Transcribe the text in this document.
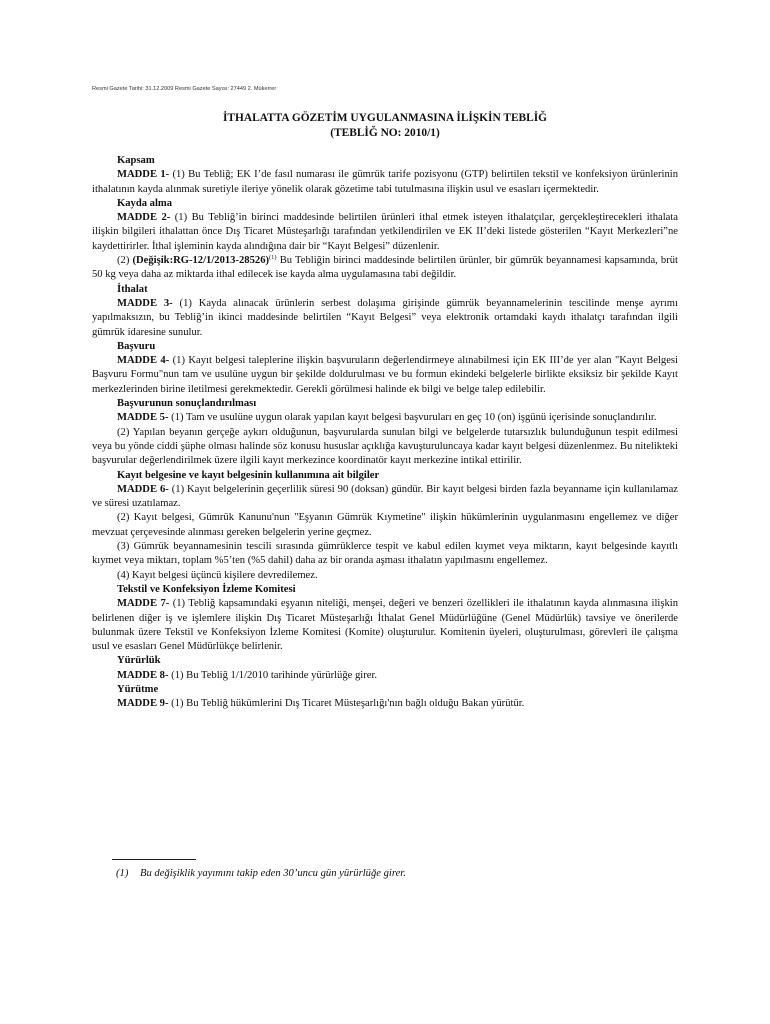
Resmi Gazete Tarihi: 31.12.2009 Resmi Gazete Sayısı: 27449 2. Mükerrer
İTHALATTA GÖZETİM UYGULANMASINA İLİŞKİN TEBLİĞ
(TEBLİĞ NO: 2010/1)

Kapsam

MADDE 1- (1) Bu Tebliğ; EK I’de fasıl numarası ile gümrük tarife pozisyonu (GTP) belirtilen tekstil ve konfeksiyon ürünlerinin ithalatının kayda alınmak suretiyle ileriye yönelik olarak gözetime tabi tutulmasına ilişkin usul ve esasları içermektedir.

Kayda alma

MADDE 2- (1) Bu Tebliğ’in birinci maddesinde belirtilen ürünleri ithal etmek isteyen ithalatçılar, gerçekleştirecekleri ithalata ilişkin bilgileri ithalattan önce Dış Ticaret Müsteşarlığı tarafından yetkilendirilen ve EK II’deki listede gösterilen “Kayıt Merkezleri”ne kaydettirirler. İthal işleminin kayda alındığına dair bir “Kayıt Belgesi” düzenlenir.

(2) (Değişik:RG-12/1/2013-28526)$^{(1)}$ Bu Tebliğin birinci maddesinde belirtilen ürünler, bir gümrük beyannamesi kapsamında, brüt 50 kg veya daha az miktarda ithal edilecek ise kayda alma uygulamasına tabi değildir.

İthalat

MADDE 3- (1) Kayda alınacak ürünlerin serbest dolaşıma girişinde gümrük beyannamelerinin tescilinde menşe ayrımı yapılmaksızın, bu Tebliğ’in ikinci maddesinde belirtilen “Kayıt Belgesi” veya elektronik ortamdaki kaydı ithalatçı tarafından ilgili gümrük idaresine sunulur.

Başvuru

MADDE 4- (1) Kayıt belgesi taleplerine ilişkin başvuruların değerlendirmeye alınabilmesi için EK III’de yer alan "Kayıt Belgesi Başvuru Formu"nun tam ve usulüne uygun bir şekilde doldurulması ve bu formun ekindeki belgelerle birlikte eksiksiz bir şekilde Kayıt merkezlerinden birine iletilmesi gerekmektedir. Gerekli görülmesi halinde ek bilgi ve belge talep edilebilir.

Başvurunun sonuçlandırılması

MADDE 5- (1) Tam ve usulüne uygun olarak yapılan kayıt belgesi başvuruları en geç 10 (on) işgünü içerisinde sonuçlandırılır.

(2) Yapılan beyanın gerçeğe aykırı olduğunun, başvurularda sunulan bilgi ve belgelerde tutarsızlık bulunduğunun tespit edilmesi veya bu yönde ciddi şüphe olması halinde söz konusu hususlar açıklığa kavuşturuluncaya kadar kayıt belgesi düzenlenmez. Bu nitelikteki başvurular değerlendirilmek üzere ilgili kayıt merkezince koordinatör kayıt merkezine intikal ettirilir.

Kayıt belgesine ve kayıt belgesinin kullanımına ait bilgiler

MADDE 6- (1) Kayıt belgelerinin geçerlilik süresi 90 (doksan) gündür. Bir kayıt belgesi birden fazla beyanname için kullanılamaz ve süresi uzatılamaz.

(2) Kayıt belgesi, Gümrük Kanunu'nun "Eşyanın Gümrük Kıymetine" ilişkin hükümlerinin uygulanmasını engellemez ve diğer mevzuat çerçevesinde alınması gereken belgelerin yerine geçmez.

(3) Gümrük beyannamesinin tescili sırasında gümrüklerce tespit ve kabul edilen kıymet veya miktarın, kayıt belgesinde kayıtlı kıymet veya miktarı, toplam %5’ten (%5 dahil) daha az bir oranda aşması ithalatın yapılmasını engellemez.

(4) Kayıt belgesi üçüncü kişilere devredilemez.

Tekstil ve Konfeksiyon İzleme Komitesi

MADDE 7- (1) Tebliğ kapsamındaki eşyanın niteliği, menşei, değeri ve benzeri özellikleri ile ithalatının kayda alınmasına ilişkin belirlenen diğer iş ve işlemlere ilişkin Dış Ticaret Müsteşarlığı İthalat Genel Müdürlüğüne (Genel Müdürlük) tavsiye ve önerilerde bulunmak üzere Tekstil ve Konfeksiyon İzleme Komitesi (Komite) oluşturulur. Komitenin üyeleri, oluşturulması, görevleri ile çalışma usul ve esasları Genel Müdürlükçe belirlenir.

Yürürlük

MADDE 8- (1) Bu Tebliğ 1/1/2010 tarihinde yürürlüğe girer.

Yürütme

MADDE 9- (1) Bu Tebliğ hükümlerini Dış Ticaret Müsteşarlığı'nın bağlı olduğu Bakan yürütür.

(1) Bu değişiklik yayımını takip eden 30’uncu gün yürürlüğe girer.
